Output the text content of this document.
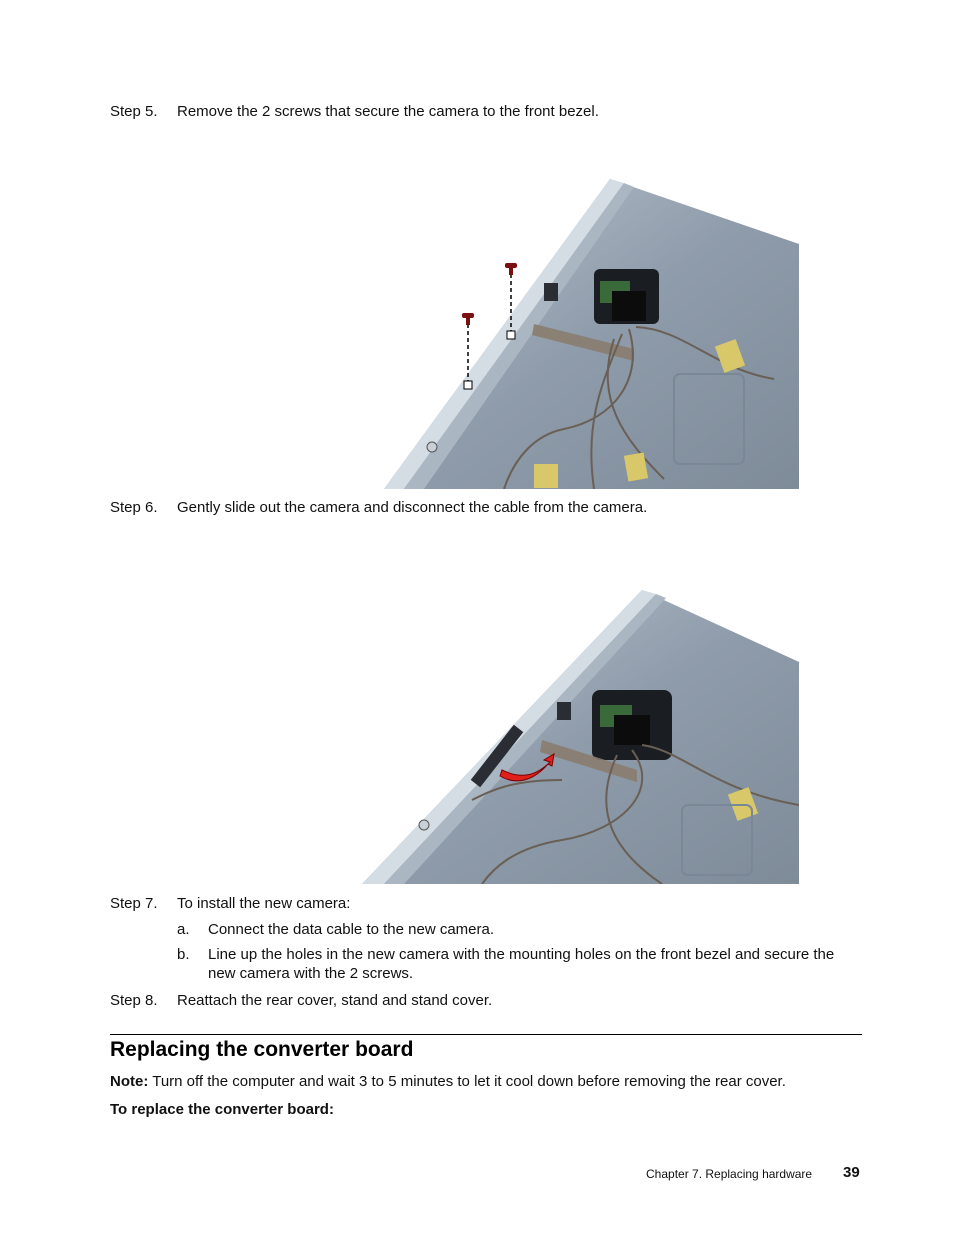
Step 5.	Remove the 2 screws that secure the camera to the front bezel.
Step 6.	Gently slide out the camera and disconnect the cable from the camera.
Step 7.	To install the new camera:
a.	Connect the data cable to the new camera.
b.	Line up the holes in the new camera with the mounting holes on the front bezel and secure the new camera with the 2 screws.
Step 8.	Reattach the rear cover, stand and stand cover.
Replacing the converter board
Note: Turn off the computer and wait 3 to 5 minutes to let it cool down before removing the rear cover.
To replace the converter board:
Chapter 7. Replacing hardware 39
